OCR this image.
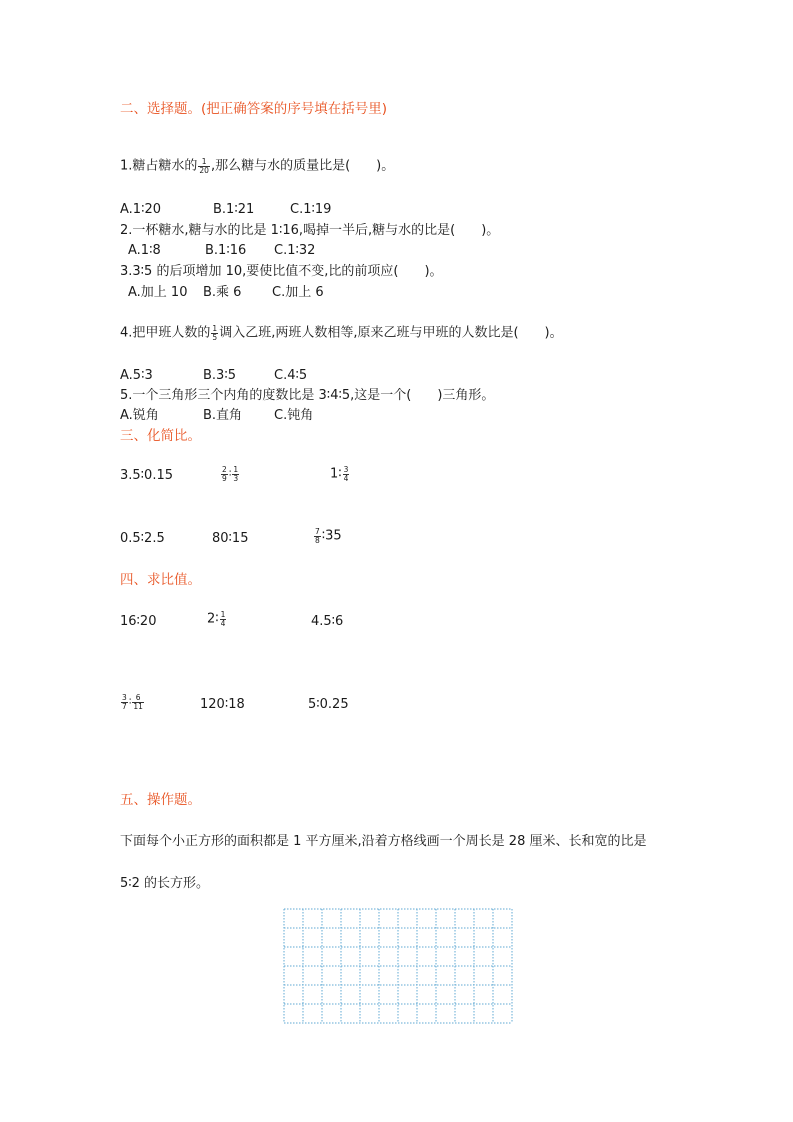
二、选择题。(把正确答案的序号填在括号里)
1.糖占糖水的 $\frac{1}{20}$ ,那么糖与水的质量比是(　　)。
A.1∶20	B.1∶21	C.1∶19
2.一杯糖水,糖与水的比是 1∶16,喝掉一半后,糖与水的比是(　　)。
A.1∶8	B.1∶16 C.1∶32
3.3∶5 的后项增加 10,要使比值不变,比的前项应(　　)。
A.加上 10 B.乘 6 C.加上 6
4.把甲班人数的 $\frac{1}{5}$ 调入乙班,两班人数相等,原来乙班与甲班的人数比是(　　)。
A.5∶3	B.3∶5	C.4∶5
5.一个三角形三个内角的度数比是 3∶4∶5,这是一个(　　)三角形。
A.锐角	B.直角 C.钝角
三、化简比。
3.5∶0.15	$\frac{2}{9}$ ∶ $\frac{1}{3}$	1∶ $\frac{3}{4}$
0.5∶2.5	80∶15	$\frac{7}{8}$ ∶35
四、求比值。
16∶20	2∶ $\frac{1}{4}$	4.5∶6
$\frac{3}{7}$ ∶ $\frac{6}{11}$	120∶18	5∶0.25
五、操作题。
下面每个小正方形的面积都是 1 平方厘米,沿着方格线画一个周长是 28 厘米、长和宽的比是
5∶2 的长方形。
